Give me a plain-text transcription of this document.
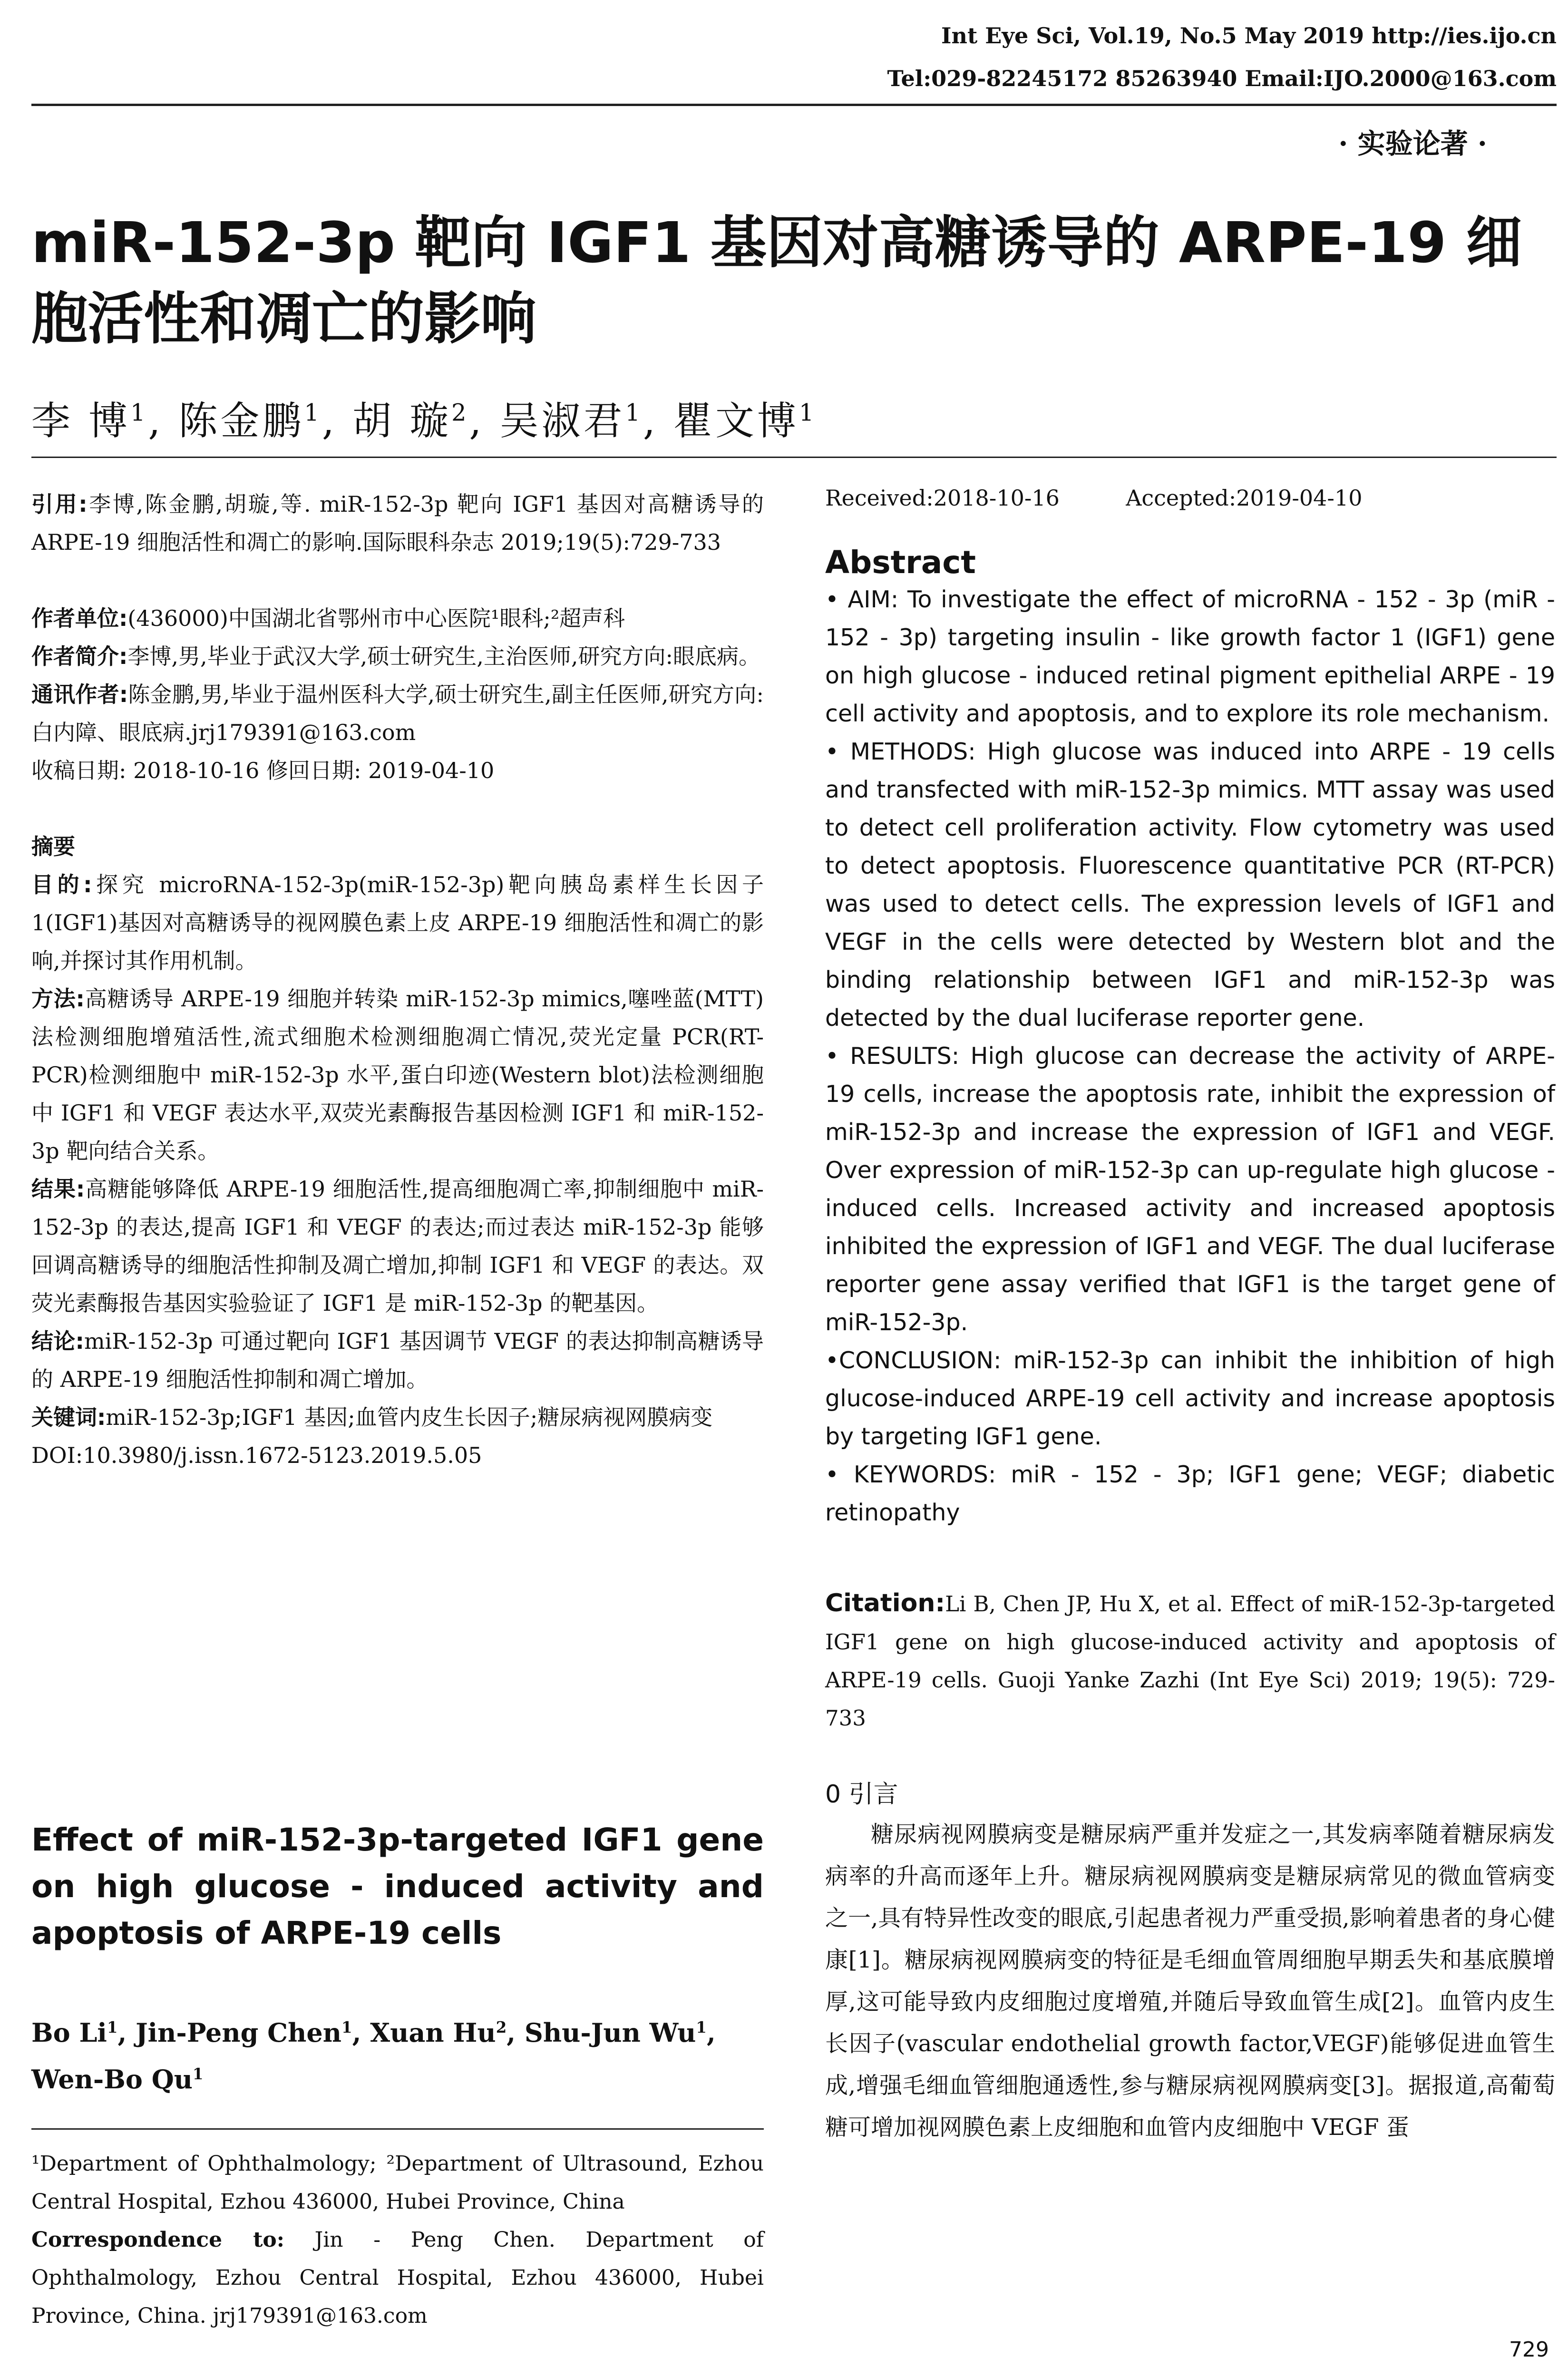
Int Eye Sci, Vol.19, No.5 May 2019 http://ies.ijo.cn
Tel:029-82245172 85263940 Email:IJO.2000@163.com
· 实验论著 ·
miR-152-3p 靶向 IGF1 基因对高糖诱导的 ARPE-19 细胞活性和凋亡的影响
李 博$^1$, 陈金鹏$^1$, 胡 璇$^2$, 吴淑君$^1$, 瞿文博$^1$

引用:李博,陈金鹏,胡璇,等. miR-152-3p 靶向 IGF1 基因对高糖诱导的 ARPE-19 细胞活性和凋亡的影响.国际眼科杂志 2019;19(5):729-733

作者单位:(436000)中国湖北省鄂州市中心医院¹眼科;²超声科

作者简介:李博,男,毕业于武汉大学,硕士研究生,主治医师,研究方向:眼底病。

通讯作者:陈金鹏,男,毕业于温州医科大学,硕士研究生,副主任医师,研究方向:白内障、眼底病.jrj179391@163.com

收稿日期: 2018-10-16 修回日期: 2019-04-10

摘要

目的:探究 microRNA-152-3p(miR-152-3p)靶向胰岛素样生长因子 1(IGF1)基因对高糖诱导的视网膜色素上皮 ARPE-19 细胞活性和凋亡的影响,并探讨其作用机制。

方法:高糖诱导 ARPE-19 细胞并转染 miR-152-3p mimics,噻唑蓝(MTT)法检测细胞增殖活性,流式细胞术检测细胞凋亡情况,荧光定量 PCR(RT-PCR)检测细胞中 miR-152-3p 水平,蛋白印迹(Western blot)法检测细胞中 IGF1 和 VEGF 表达水平,双荧光素酶报告基因检测 IGF1 和 miR-152-3p 靶向结合关系。

结果:高糖能够降低 ARPE-19 细胞活性,提高细胞凋亡率,抑制细胞中 miR-152-3p 的表达,提高 IGF1 和 VEGF 的表达;而过表达 miR-152-3p 能够回调高糖诱导的细胞活性抑制及凋亡增加,抑制 IGF1 和 VEGF 的表达。双荧光素酶报告基因实验验证了 IGF1 是 miR-152-3p 的靶基因。

结论:miR-152-3p 可通过靶向 IGF1 基因调节 VEGF 的表达抑制高糖诱导的 ARPE-19 细胞活性抑制和凋亡增加。

关键词:miR-152-3p;IGF1 基因;血管内皮生长因子;糖尿病视网膜病变

DOI:10.3980/j.issn.1672-5123.2019.5.05

Effect of miR-152-3p-targeted IGF1 gene on high glucose - induced activity and apoptosis of ARPE-19 cells
Bo Li$^1$, Jin-Peng Chen$^1$, Xuan Hu$^2$, Shu-Jun Wu$^1$, Wen-Bo Qu$^1$
¹Department of Ophthalmology; ²Department of Ultrasound, Ezhou Central Hospital, Ezhou 436000, Hubei Province, China
Correspondence to: Jin - Peng Chen. Department of Ophthalmology, Ezhou Central Hospital, Ezhou 436000, Hubei Province, China. jrj179391@163.com
Received:2018-10-16	Accepted:2019-04-10
Abstract

• AIM: To investigate the effect of microRNA - 152 - 3p (miR - 152 - 3p) targeting insulin - like growth factor 1 (IGF1) gene on high glucose - induced retinal pigment epithelial ARPE - 19 cell activity and apoptosis, and to explore its role mechanism.

• METHODS: High glucose was induced into ARPE - 19 cells and transfected with miR-152-3p mimics. MTT assay was used to detect cell proliferation activity. Flow cytometry was used to detect apoptosis. Fluorescence quantitative PCR (RT-PCR) was used to detect cells. The expression levels of IGF1 and VEGF in the cells were detected by Western blot and the binding relationship between IGF1 and miR-152-3p was detected by the dual luciferase reporter gene.

• RESULTS: High glucose can decrease the activity of ARPE- 19 cells, increase the apoptosis rate, inhibit the expression of miR-152-3p and increase the expression of IGF1 and VEGF. Over expression of miR-152-3p can up-regulate high glucose - induced cells. Increased activity and increased apoptosis inhibited the expression of IGF1 and VEGF. The dual luciferase reporter gene assay verified that IGF1 is the target gene of miR-152-3p.

•CONCLUSION: miR-152-3p can inhibit the inhibition of high glucose-induced ARPE-19 cell activity and increase apoptosis by targeting IGF1 gene.

• KEYWORDS: miR - 152 - 3p; IGF1 gene; VEGF; diabetic retinopathy

Citation:Li B, Chen JP, Hu X, et al. Effect of miR-152-3p-targeted IGF1 gene on high glucose-induced activity and apoptosis of ARPE-19 cells. Guoji Yanke Zazhi (Int Eye Sci) 2019; 19(5): 729-733

0 引言

糖尿病视网膜病变是糖尿病严重并发症之一,其发病率随着糖尿病发病率的升高而逐年上升。糖尿病视网膜病变是糖尿病常见的微血管病变之一,具有特异性改变的眼底,引起患者视力严重受损,影响着患者的身心健康[1]。糖尿病视网膜病变的特征是毛细血管周细胞早期丢失和基底膜增厚,这可能导致内皮细胞过度增殖,并随后导致血管生成[2]。血管内皮生长因子(vascular endothelial growth factor,VEGF)能够促进血管生成,增强毛细血管细胞通透性,参与糖尿病视网膜病变[3]。据报道,高葡萄糖可增加视网膜色素上皮细胞和血管内皮细胞中 VEGF 蛋

729
